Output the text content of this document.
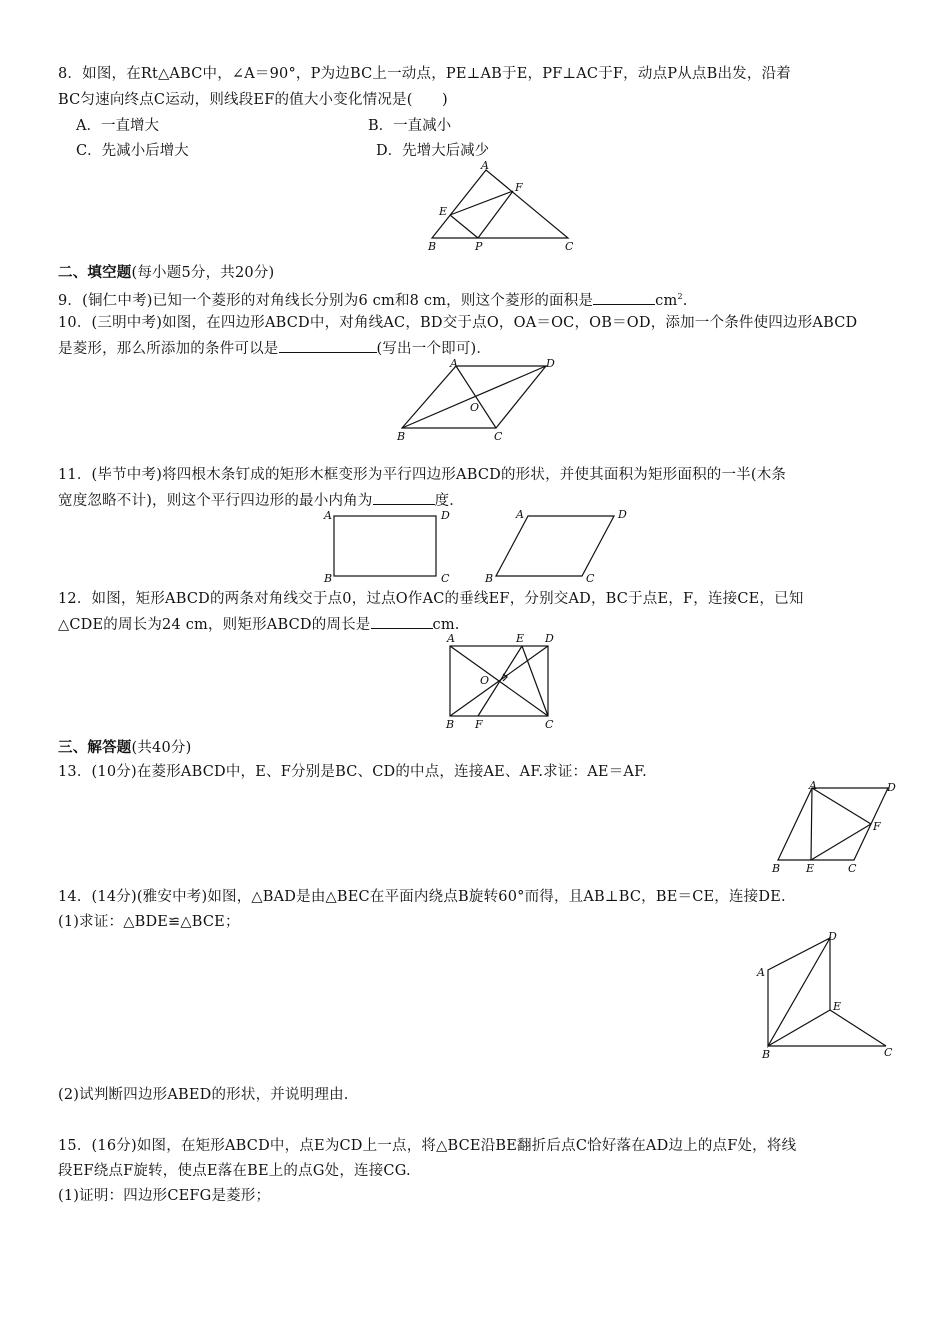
8．如图，在Rt△ABC中，∠A＝90°，P为边BC上一动点，PE⊥AB于E，PF⊥AC于F，动点P从点B出发，沿着
BC匀速向终点C运动，则线段EF的值大小变化情况是(　　)
A．一直增大	B．一直减小
C．先减小后增大	D．先增大后减少
A
F
E
B	P	C
二、填空题(每小题5分，共20分)
9．(铜仁中考)已知一个菱形的对角线长分别为6 cm和8 cm，则这个菱形的面积是	$cm^2$.
10．(三明中考)如图，在四边形ABCD中，对角线AC，BD交于点O，OA＝OC，OB＝OD，添加一个条件使四边形ABCD
是菱形，那么所添加的条件可以是	(写出一个即可)．
A	D
O
B	C
11．(毕节中考)将四根木条钉成的矩形木框变形为平行四边形ABCD的形状，并使其面积为矩形面积的一半(木条
宽度忽略不计)，则这个平行四边形的最小内角为	度．
A	D
B	C
A	D
B	C
12．如图，矩形ABCD的两条对角线交于点0，过点O作AC的垂线EF，分别交AD，BC于点E，F，连接CE，已知
△CDE的周长为24 cm，则矩形ABCD的周长是	cm.
A	E D
O
B F	C
三、解答题(共40分)
13．(10分)在菱形ABCD中，E、F分别是BC、CD的中点，连接AE、AF.求证：AE＝AF.
A	D
F
B E	C
14．(14分)(雅安中考)如图，△BAD是由△BEC在平面内绕点B旋转60°而得，且AB⊥BC，BE＝CE，连接DE.
(1)求证：△BDE≌△BCE；
D
A
E
B	C
(2)试判断四边形ABED的形状，并说明理由.
15．(16分)如图，在矩形ABCD中，点E为CD上一点，将△BCE沿BE翻折后点C恰好落在AD边上的点F处，将线
段EF绕点F旋转，使点E落在BE上的点G处，连接CG.
(1)证明：四边形CEFG是菱形；
